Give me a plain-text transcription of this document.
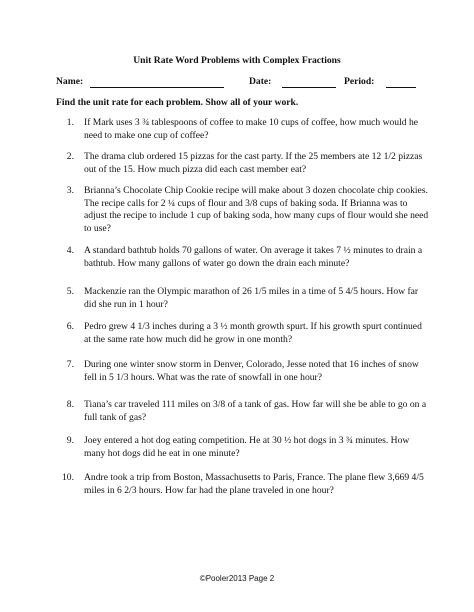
Unit Rate Word Problems with Complex Fractions
Name:	Date:	Period:
Find the unit rate for each problem. Show all of your work.
1. If Mark uses 3 ¾ tablespoons of coffee to make 10 cups of coffee, how much would he need to make one cup of coffee?
2. The drama club ordered 15 pizzas for the cast party. If the 25 members ate 12 1/2 pizzas out of the 15. How much pizza did each cast member eat?
3. Brianna’s Chocolate Chip Cookie recipe will make about 3 dozen chocolate chip cookies. The recipe calls for 2 ¼ cups of flour and 3/8 cups of baking soda. If Brianna was to adjust the recipe to include 1 cup of baking soda, how many cups of flour would she need to use?
4. A standard bathtub holds 70 gallons of water. On average it takes 7 ½ minutes to drain a bathtub. How many gallons of water go down the drain each minute?
5. Mackenzie ran the Olympic marathon of 26 1/5 miles in a time of 5 4/5 hours. How far did she run in 1 hour?
6. Pedro grew 4 1/3 inches during a 3 ½ month growth spurt. If his growth spurt continued at the same rate how much did he grow in one month?
7. During one winter snow storm in Denver, Colorado, Jesse noted that 16 inches of snow fell in 5 1/3 hours. What was the rate of snowfall in one hour?
8. Tiana’s car traveled 111 miles on 3/8 of a tank of gas. How far will she be able to go on a full tank of gas?
9. Joey entered a hot dog eating competition. He at 30 ½ hot dogs in 3 ¾ minutes. How many hot dogs did he eat in one minute?
10. Andre took a trip from Boston, Massachusetts to Paris, France. The plane flew 3,669 4/5 miles in 6 2/3 hours. How far had the plane traveled in one hour?
©Pooler2013 Page 2
